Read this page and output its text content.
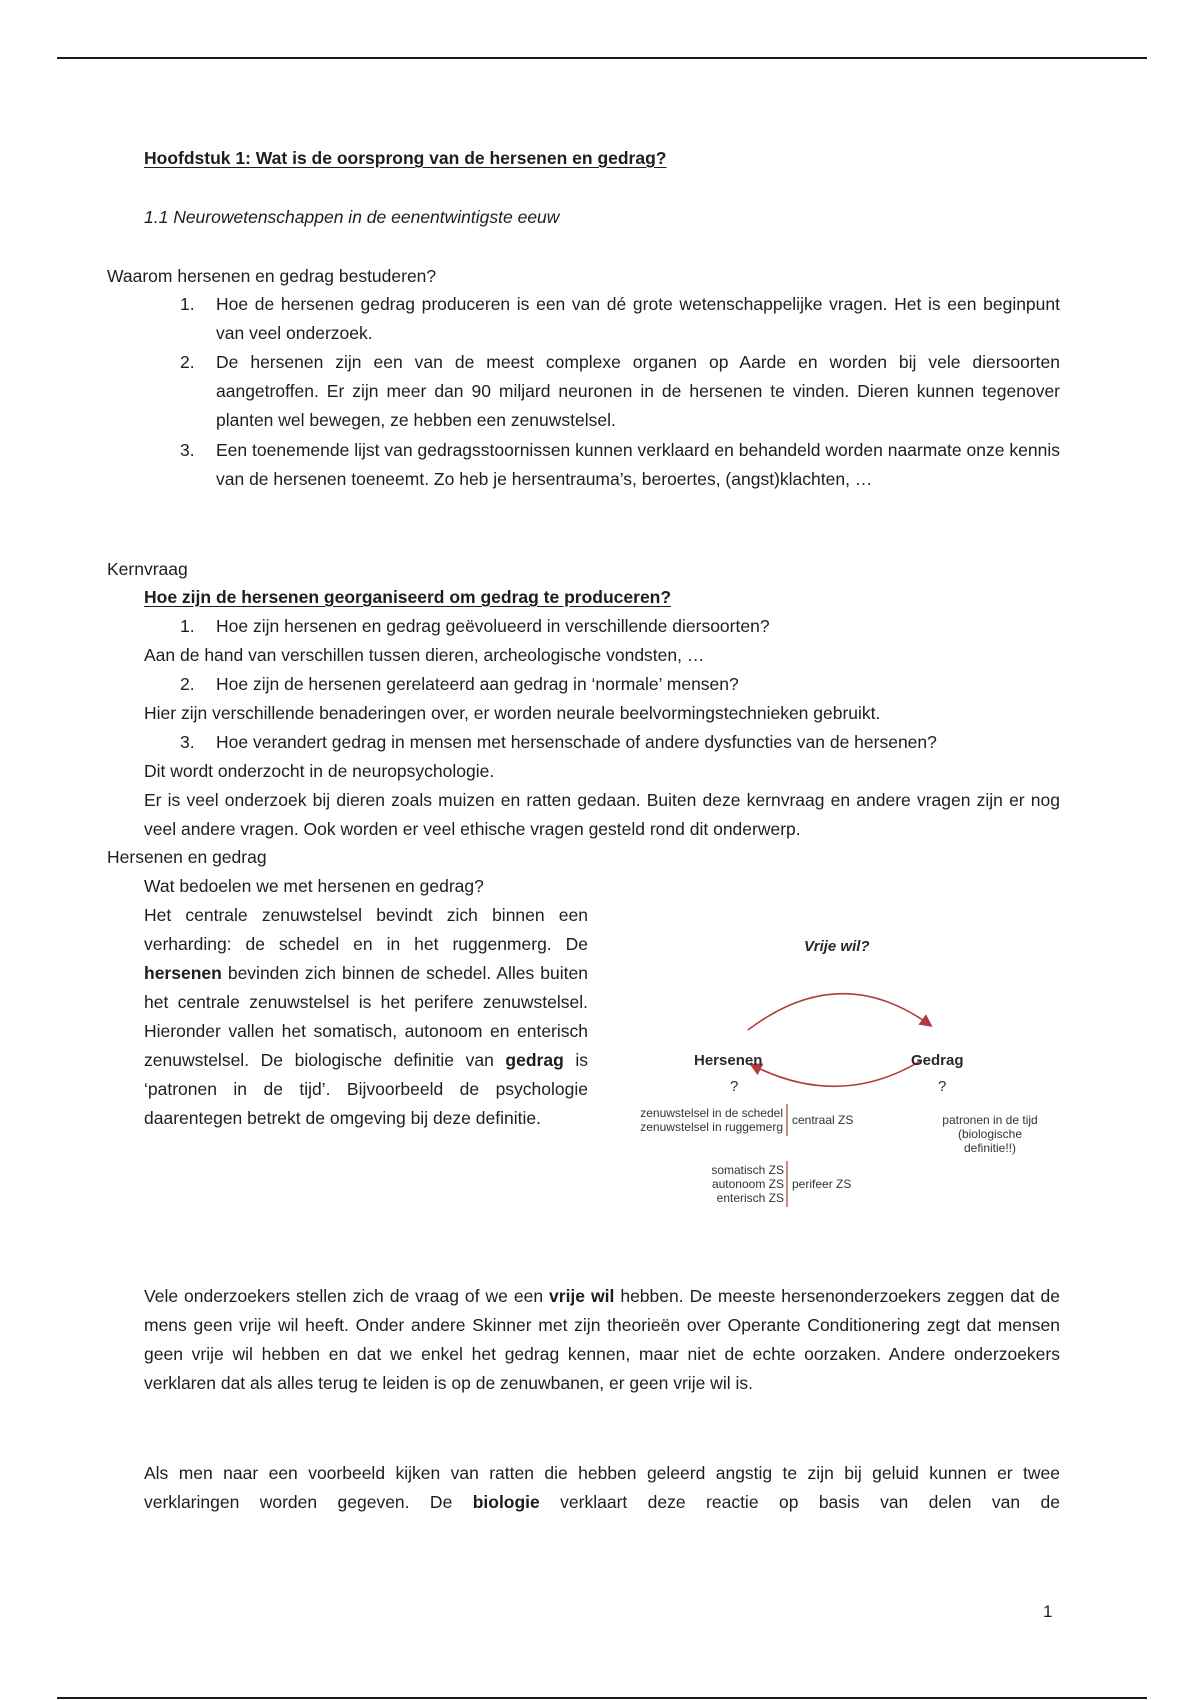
Hoofdstuk 1: Wat is de oorsprong van de hersenen en gedrag?
1.1 Neurowetenschappen in de eenentwintigste eeuw
Waarom hersenen en gedrag bestuderen?
1. Hoe de hersenen gedrag produceren is een van dé grote wetenschappelijke vragen. Het is een beginpunt van veel onderzoek.
2. De hersenen zijn een van de meest complexe organen op Aarde en worden bij vele diersoorten aangetroffen. Er zijn meer dan 90 miljard neuronen in de hersenen te vinden. Dieren kunnen tegenover planten wel bewegen, ze hebben een zenuwstelsel.
3. Een toenemende lijst van gedragsstoornissen kunnen verklaard en behandeld worden naarmate onze kennis van de hersenen toeneemt. Zo heb je hersentrauma’s, beroertes, (angst)klachten, …
Kernvraag
Hoe zijn de hersenen georganiseerd om gedrag te produceren?
1. Hoe zijn hersenen en gedrag geëvolueerd in verschillende diersoorten?
Aan de hand van verschillen tussen dieren, archeologische vondsten, …
2. Hoe zijn de hersenen gerelateerd aan gedrag in ‘normale’ mensen?
Hier zijn verschillende benaderingen over, er worden neurale beelvormingstechnieken gebruikt.
3. Hoe verandert gedrag in mensen met hersenschade of andere dysfuncties van de hersenen?
Dit wordt onderzocht in de neuropsychologie.
Er is veel onderzoek bij dieren zoals muizen en ratten gedaan. Buiten deze kernvraag en andere vragen zijn er nog veel andere vragen. Ook worden er veel ethische vragen gesteld rond dit onderwerp.
Hersenen en gedrag
Wat bedoelen we met hersenen en gedrag?
Het centrale zenuwstelsel bevindt zich binnen een verharding: de schedel en in het ruggenmerg. De hersenen bevinden zich binnen de schedel. Alles buiten het centrale zenuwstelsel is het perifere zenuwstelsel. Hieronder vallen het somatisch, autonoom en enterisch zenuwstelsel. De biologische definitie van gedrag is ‘patronen in de tijd’. Bijvoorbeeld de psychologie daarentegen betrekt de omgeving bij deze definitie.
Vrije wil?
Hersenen	Gedrag
?	?
zenuwstelsel in de schedel
zenuwstelsel in ruggemerg centraal ZS
somatisch ZS
autonoom ZS
enterisch ZS
perifeer ZS
patronen in de tijd
(biologische
definitie!!)
Vele onderzoekers stellen zich de vraag of we een vrije wil hebben. De meeste hersenonderzoekers zeggen dat de mens geen vrije wil heeft. Onder andere Skinner met zijn theorieën over Operante Conditionering zegt dat mensen geen vrije wil hebben en dat we enkel het gedrag kennen, maar niet de echte oorzaken. Andere onderzoekers verklaren dat als alles terug te leiden is op de zenuwbanen, er geen vrije wil is.
Als men naar een voorbeeld kijken van ratten die hebben geleerd angstig te zijn bij geluid kunnen er twee verklaringen worden gegeven. De biologie verklaart deze reactie op basis van delen van de
1
